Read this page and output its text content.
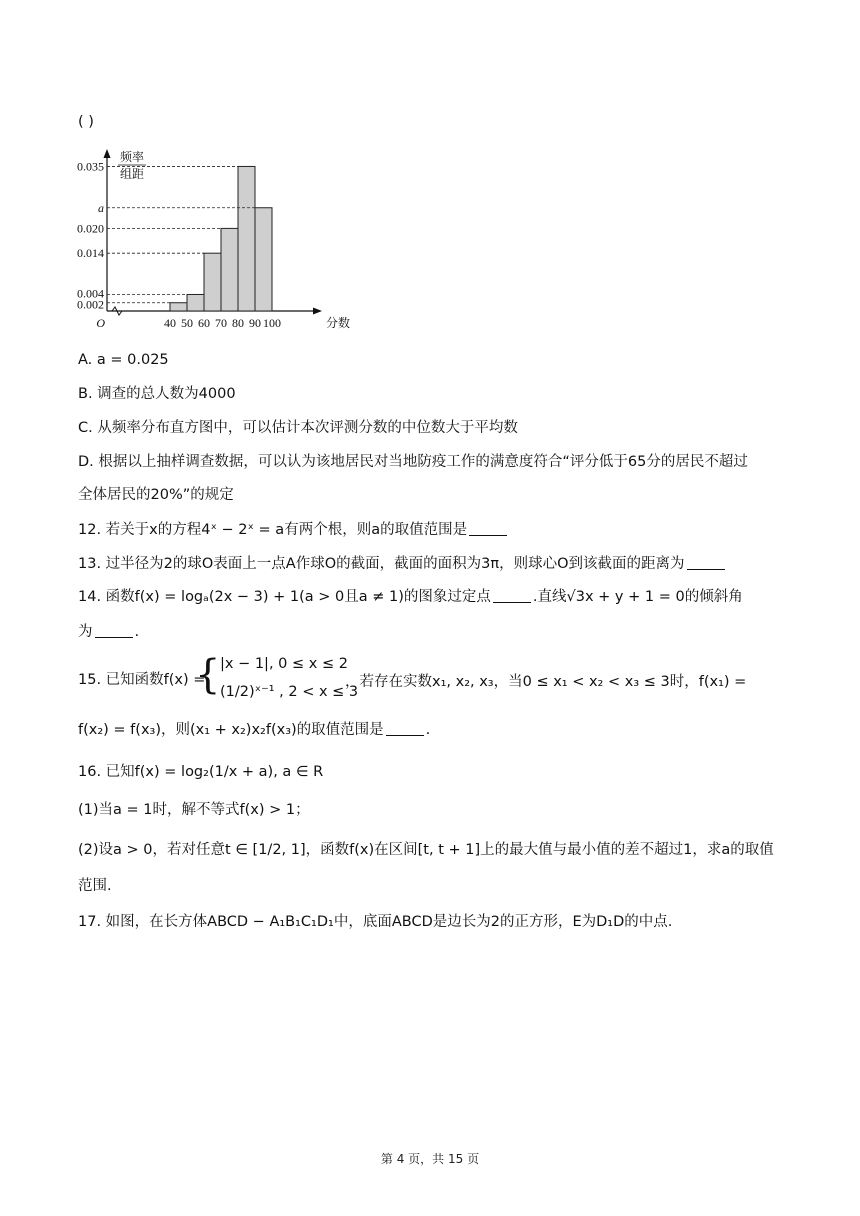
( )
0.035
a
0.020
0.014
0.004
0.002
40 50 60 70 80 90 100
O
频率
组距
分数
A. a = 0.025
B. 调查的总人数为4000
C. 从频率分布直方图中，可以估计本次评测分数的中位数大于平均数
D. 根据以上抽样调查数据，可以认为该地居民对当地防疫工作的满意度符合“评分低于65分的居民不超过
全体居民的20%”的规定
12. 若关于x的方程4ˣ − 2ˣ = a有两个根，则a的取值范围是
13. 过半径为2的球O表面上一点A作球O的截面，截面的面积为3π，则球心O到该截面的距离为
14. 函数f(x) = logₐ(2x − 3) + 1(a > 0且a ≠ 1)的图象过定点	.直线√3x + y + 1 = 0的倾斜角
为	.
15. 已知函数f(x) =
{ |x − 1|, 0 ≤ x ≤ 2
(1/2)ˣ⁻¹ , 2 < x ≤ 3
，若存在实数x₁, x₂, x₃，当0 ≤ x₁ < x₂ < x₃ ≤ 3时，f(x₁) =
f(x₂) = f(x₃)，则(x₁ + x₂)x₂f(x₃)的取值范围是	.
16. 已知f(x) = log₂(1/x + a), a ∈ R
(1)当a = 1时，解不等式f(x) > 1；
(2)设a > 0，若对任意t ∈ [1/2, 1]，函数f(x)在区间[t, t + 1]上的最大值与最小值的差不超过1，求a的取值
范围.
17. 如图，在长方体ABCD − A₁B₁C₁D₁中，底面ABCD是边长为2的正方形，E为D₁D的中点.
第 4 页，共 15 页
